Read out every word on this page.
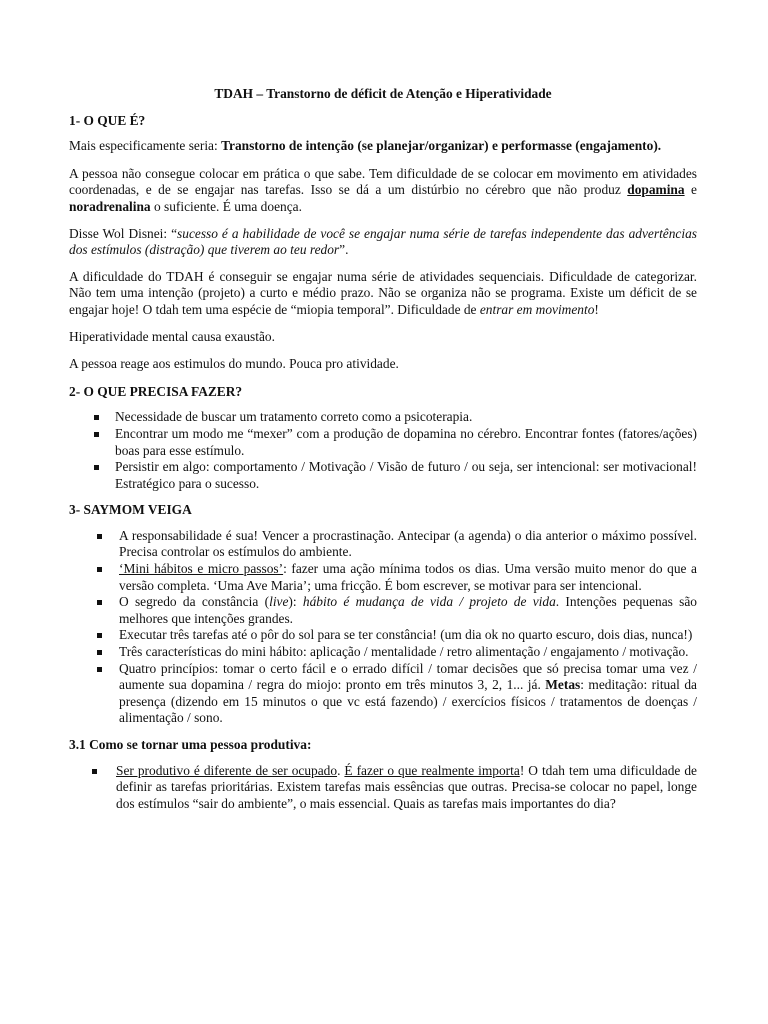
TDAH – Transtorno de déficit de Atenção e Hiperatividade
1- O QUE É?

Mais especificamente seria: Transtorno de intenção (se planejar/organizar) e performasse (engajamento).

A pessoa não consegue colocar em prática o que sabe. Tem dificuldade de se colocar em movimento em atividades coordenadas, e de se engajar nas tarefas. Isso se dá a um distúrbio no cérebro que não produz dopamina e noradrenalina o suficiente. É uma doença.

Disse Wol Disnei: “sucesso é a habilidade de você se engajar numa série de tarefas independente das advertências dos estímulos (distração) que tiverem ao teu redor”.

A dificuldade do TDAH é conseguir se engajar numa série de atividades sequenciais. Dificuldade de categorizar. Não tem uma intenção (projeto) a curto e médio prazo. Não se organiza não se programa. Existe um déficit de se engajar hoje! O tdah tem uma espécie de “miopia temporal”. Dificuldade de entrar em movimento!

Hiperatividade mental causa exaustão.

A pessoa reage aos estimulos do mundo. Pouca pro atividade.

2- O QUE PRECISA FAZER?
Necessidade de buscar um tratamento correto como a psicoterapia.
Encontrar um modo me “mexer” com a produção de dopamina no cérebro. Encontrar fontes (fatores/ações) boas para esse estímulo.
Persistir em algo: comportamento / Motivação / Visão de futuro / ou seja, ser intencional: ser motivacional! Estratégico para o sucesso.
3- SAYMOM VEIGA
A responsabilidade é sua! Vencer a procrastinação. Antecipar (a agenda) o dia anterior o máximo possível. Precisa controlar os estímulos do ambiente.
‘Mini hábitos e micro passos’: fazer uma ação mínima todos os dias. Uma versão muito menor do que a versão completa. ‘Uma Ave Maria’; uma fricção. É bom escrever, se motivar para ser intencional.
O segredo da constância (live): hábito é mudança de vida / projeto de vida. Intenções pequenas são melhores que intenções grandes.
Executar três tarefas até o pôr do sol para se ter constância! (um dia ok no quarto escuro, dois dias, nunca!)
Três características do mini hábito: aplicação / mentalidade / retro alimentação / engajamento / motivação.
Quatro princípios: tomar o certo fácil e o errado difícil / tomar decisões que só precisa tomar uma vez / aumente sua dopamina / regra do miojo: pronto em três minutos 3, 2, 1... já. Metas: meditação: ritual da presença (dizendo em 15 minutos o que vc está fazendo) / exercícios físicos / tratamentos de doenças / alimentação / sono.
3.1 Como se tornar uma pessoa produtiva:
Ser produtivo é diferente de ser ocupado. É fazer o que realmente importa! O tdah tem uma dificuldade de definir as tarefas prioritárias. Existem tarefas mais essências que outras. Precisa-se colocar no papel, longe dos estímulos “sair do ambiente”, o mais essencial. Quais as tarefas mais importantes do dia?
